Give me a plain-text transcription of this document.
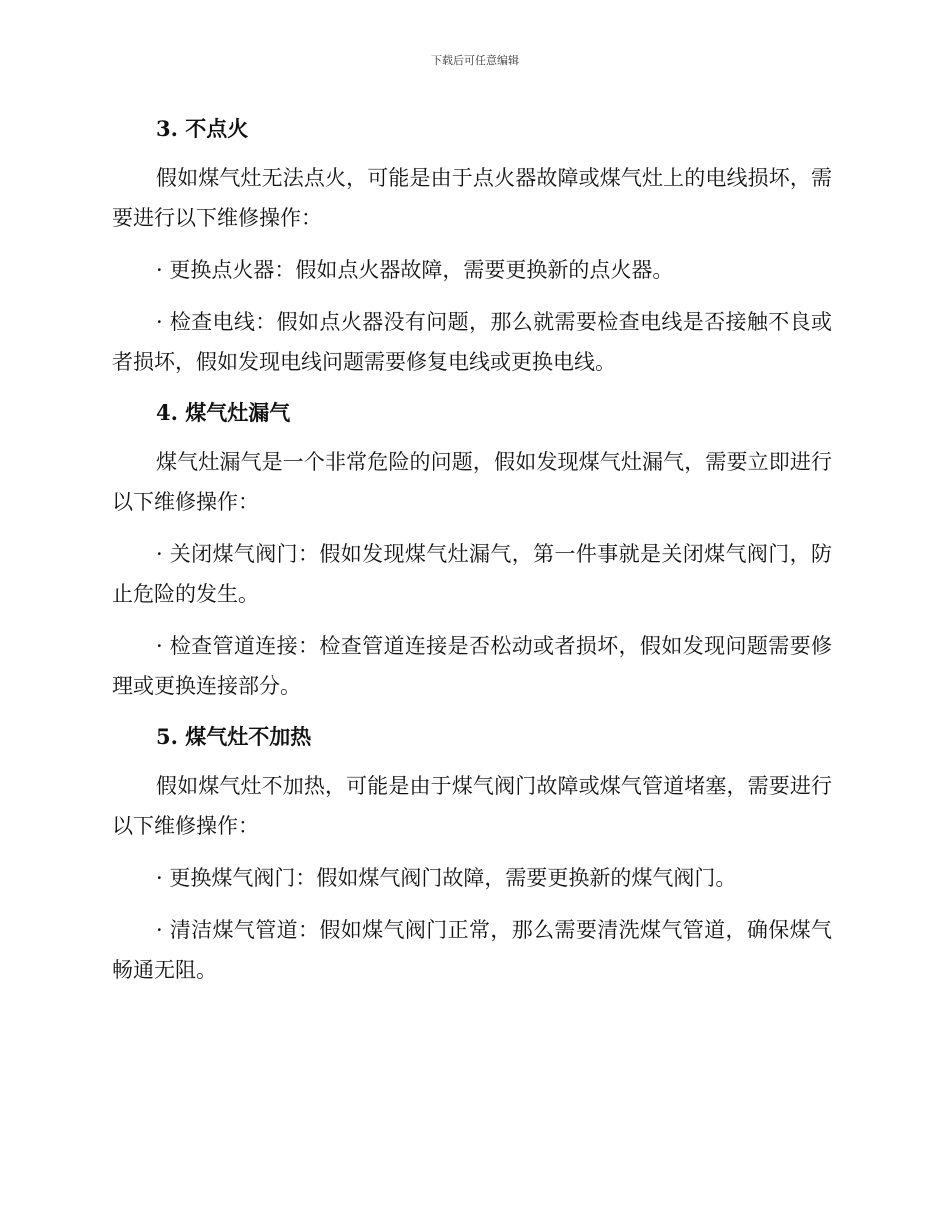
下载后可任意编辑
3. 不点火

假如煤气灶无法点火，可能是由于点火器故障或煤气灶上的电线损坏，需要进行以下维修操作：

· 更换点火器：假如点火器故障，需要更换新的点火器。

· 检查电线：假如点火器没有问题，那么就需要检查电线是否接触不良或者损坏，假如发现电线问题需要修复电线或更换电线。

4. 煤气灶漏气

煤气灶漏气是一个非常危险的问题，假如发现煤气灶漏气，需要立即进行以下维修操作：

· 关闭煤气阀门：假如发现煤气灶漏气，第一件事就是关闭煤气阀门，防止危险的发生。

· 检查管道连接：检查管道连接是否松动或者损坏，假如发现问题需要修理或更换连接部分。

5. 煤气灶不加热

假如煤气灶不加热，可能是由于煤气阀门故障或煤气管道堵塞，需要进行以下维修操作：

· 更换煤气阀门：假如煤气阀门故障，需要更换新的煤气阀门。

· 清洁煤气管道：假如煤气阀门正常，那么需要清洗煤气管道，确保煤气畅通无阻。
